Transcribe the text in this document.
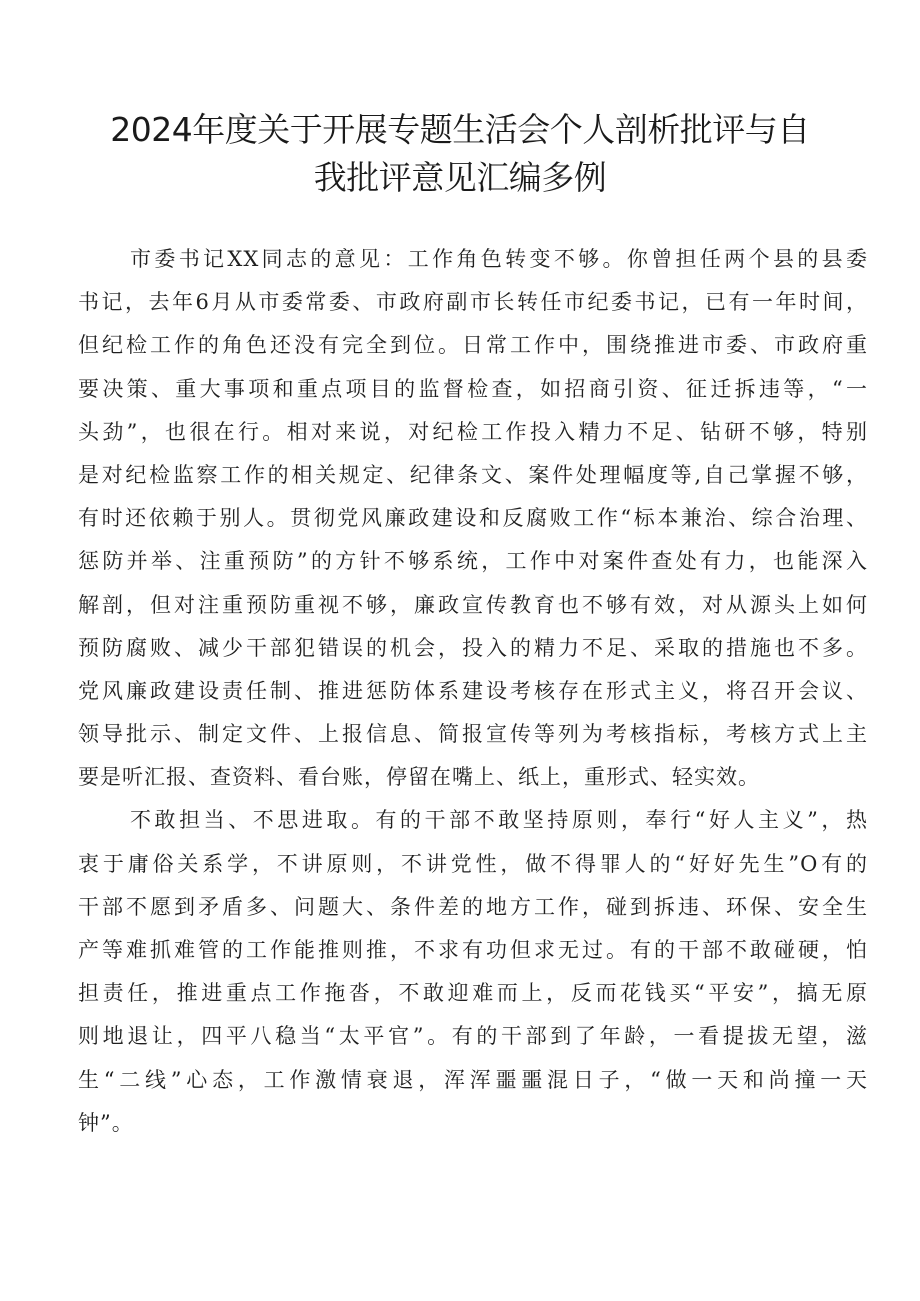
2024年度关于开展专题生活会个人剖析批评与自
我批评意见汇编多例
市委书记XX同志的意见：工作角色转变不够。你曾担任两个县的县委
书记，去年6月从市委常委、市政府副市长转任市纪委书记，已有一年时间，
但纪检工作的角色还没有完全到位。日常工作中，围绕推进市委、市政府重
要决策、重大事项和重点项目的监督检查，如招商引资、征迁拆违等，“一
头劲”，也很在行。相对来说，对纪检工作投入精力不足、钻研不够，特别
是对纪检监察工作的相关规定、纪律条文、案件处理幅度等,自己掌握不够，
有时还依赖于别人。贯彻党风廉政建设和反腐败工作“标本兼治、综合治理、
惩防并举、注重预防”的方针不够系统，工作中对案件查处有力，也能深入
解剖，但对注重预防重视不够，廉政宣传教育也不够有效，对从源头上如何
预防腐败、减少干部犯错误的机会，投入的精力不足、采取的措施也不多。
党风廉政建设责任制、推进惩防体系建设考核存在形式主义，将召开会议、
领导批示、制定文件、上报信息、简报宣传等列为考核指标，考核方式上主
要是听汇报、查资料、看台账，停留在嘴上、纸上，重形式、轻实效。
不敢担当、不思进取。有的干部不敢坚持原则，奉行“好人主义”，热
衷于庸俗关系学，不讲原则，不讲党性，做不得罪人的“好好先生”O有的
干部不愿到矛盾多、问题大、条件差的地方工作，碰到拆违、环保、安全生
产等难抓难管的工作能推则推，不求有功但求无过。有的干部不敢碰硬，怕
担责任，推进重点工作拖沓，不敢迎难而上，反而花钱买“平安”，搞无原
则地退让，四平八稳当“太平官”。有的干部到了年龄，一看提拔无望，滋
生“二线”心态，工作激情衰退，浑浑噩噩混日子，“做一天和尚撞一天
钟”。
